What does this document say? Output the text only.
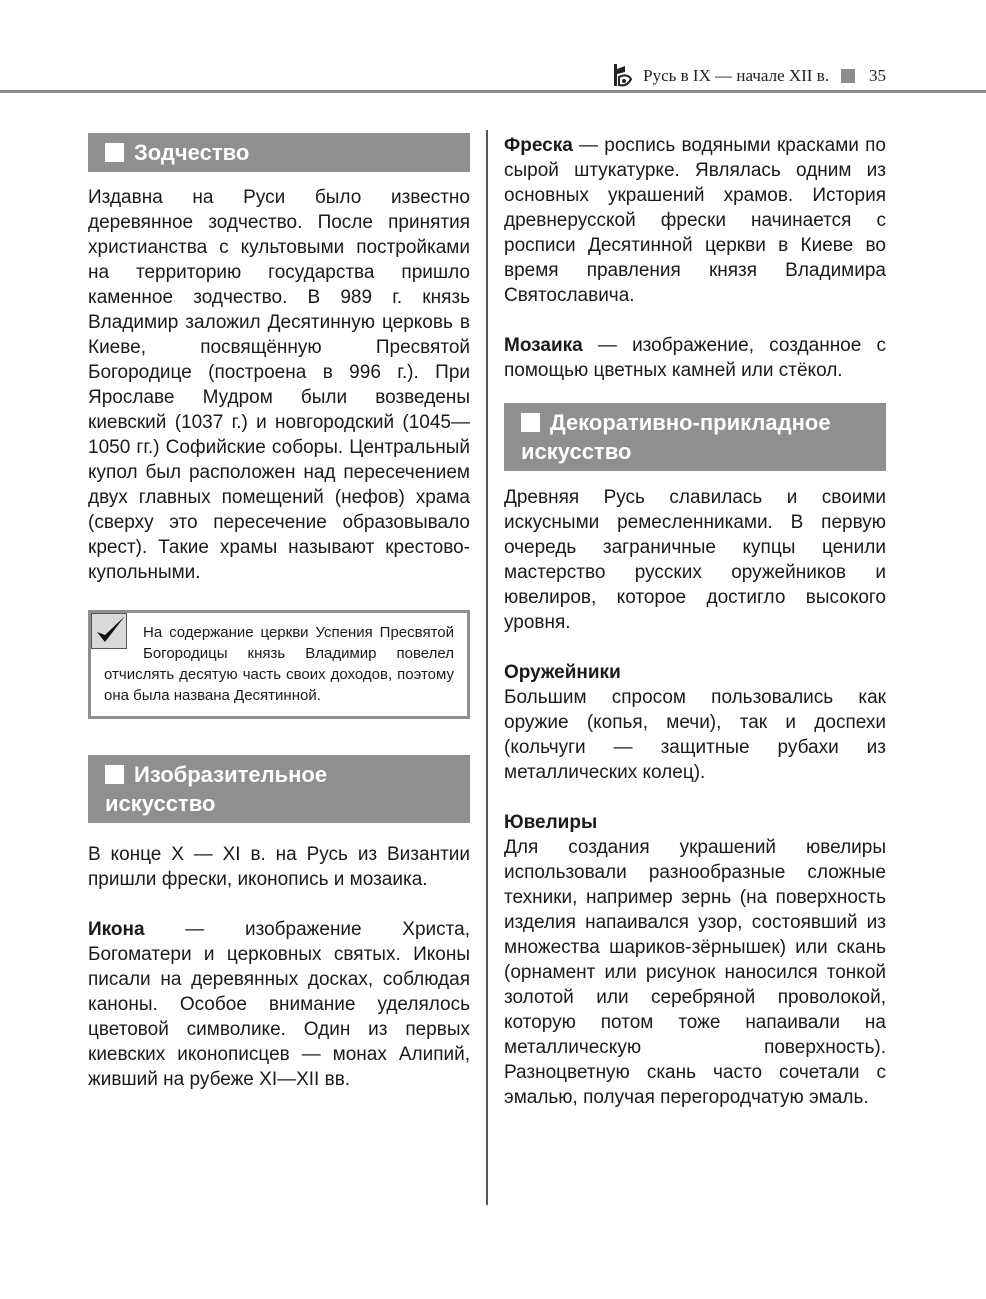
Русь в IX — начале XII в. 35
Зодчество

Издавна на Руси было известно деревянное зодчество. После принятия христианства с культовыми постройками на территорию государства пришло каменное зодчество. В 989 г. князь Владимир заложил Десятинную церковь в Киеве, посвящённую Пресвятой Богородице (построена в 996 г.). При Ярославе Мудром были возведены киевский (1037 г.) и новгородский (1045—1050 гг.) Софийские соборы. Центральный купол был расположен над пересечением двух главных помещений (нефов) храма (сверху это пересечение образовывало крест). Такие храмы называют крестово-купольными.

На содержание церкви Успения Пресвятой Богородицы князь Владимир повелел отчислять десятую часть своих доходов, поэтому она была названа Десятинной.
Изобразительное
искусство

В конце X — XI в. на Русь из Византии пришли фрески, иконопись и мозаика.

Икона — изображение Христа, Богоматери и церковных святых. Иконы писали на деревянных досках, соблюдая каноны. Особое внимание уделялось цветовой символике. Один из первых киевских иконописцев — монах Алипий, живший на рубеже XI—XII вв.

Фреска — роспись водяными красками по сырой штукатурке. Являлась одним из основных украшений храмов. История древнерусской фрески начинается с росписи Десятинной церкви в Киеве во время правления князя Владимира Святославича.

Мозаика — изображение, созданное с помощью цветных камней или стёкол.

Декоративно-прикладное
искусство

Древняя Русь славилась и своими искусными ремесленниками. В первую очередь заграничные купцы ценили мастерство русских оружейников и ювелиров, которое достигло высокого уровня.

Оружейники

Большим спросом пользовались как оружие (копья, мечи), так и доспехи (кольчуги — защитные рубахи из металлических колец).

Ювелиры

Для создания украшений ювелиры использовали разнообразные сложные техники, например зернь (на поверхность изделия напаивался узор, состоявший из множества шариков-зёрнышек) или скань (орнамент или рисунок наносился тонкой золотой или серебряной проволокой, которую потом тоже напаивали на металлическую поверхность). Разноцветную скань часто сочетали с эмалью, получая перегородчатую эмаль.
